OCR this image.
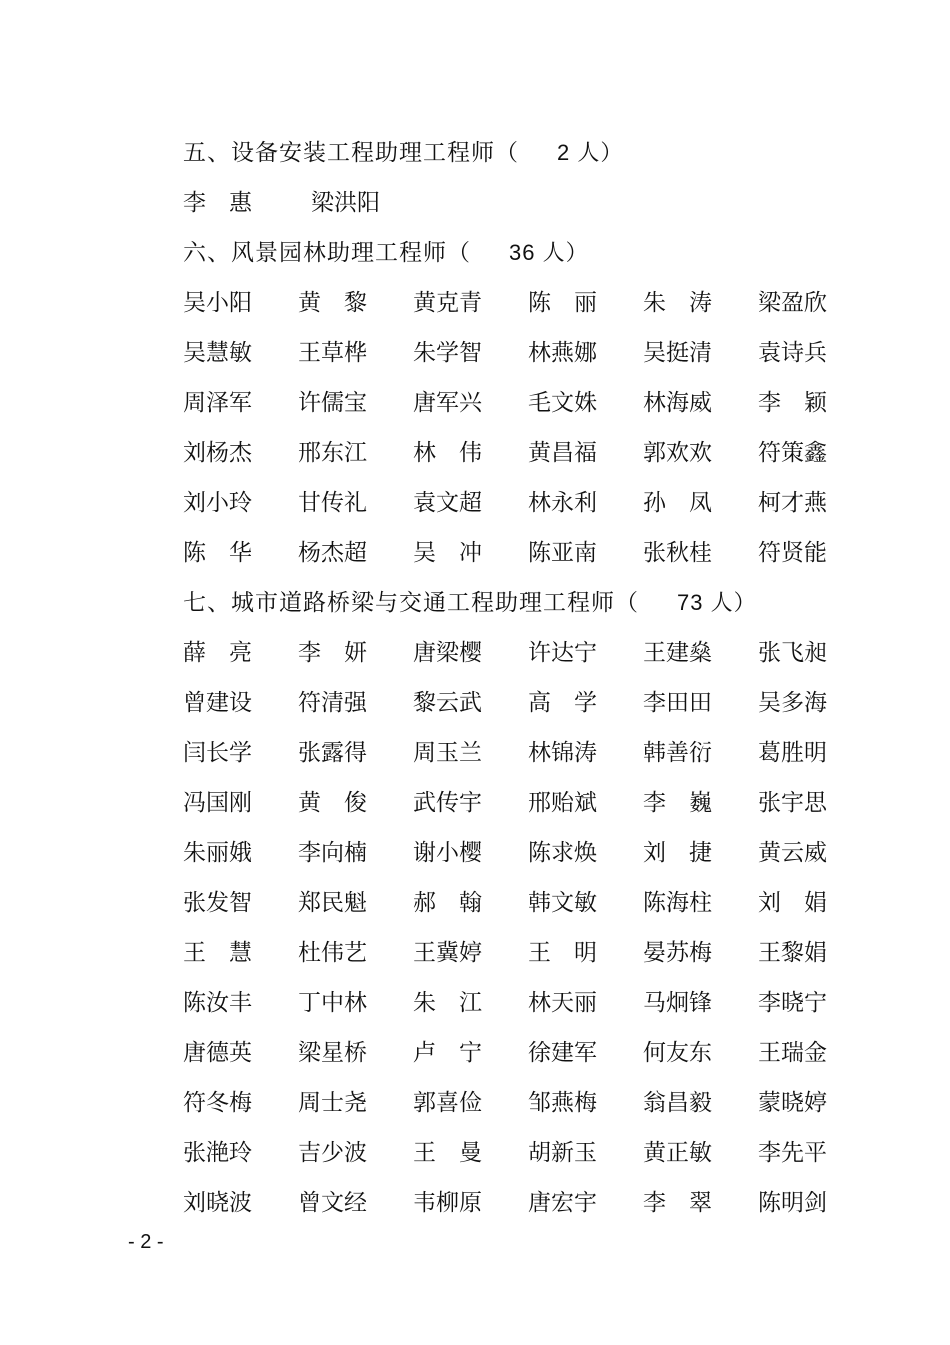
五、设备安装工程助理工程师（ 2 人）
李　惠	梁洪阳
六、风景园林助理工程师（ 36 人）
吴小阳 黄　黎 黄克青 陈　丽 朱　涛 梁盈欣
吴慧敏 王草桦 朱学智 林燕娜 吴挺清 袁诗兵
周泽军 许儒宝 唐军兴 毛文姝 林海威 李　颖
刘杨杰 邢东江 林　伟 黄昌福 郭欢欢 符策鑫
刘小玲 甘传礼 袁文超 林永利 孙　凤 柯才燕
陈　华 杨杰超 吴　冲 陈亚南 张秋桂 符贤能
七、城市道路桥梁与交通工程助理工程师（ 73 人）
薛　亮 李　妍 唐梁樱 许达宁 王建燊 张飞昶
曾建设 符清强 黎云武 高　学 李田田 吴多海
闫长学 张露得 周玉兰 林锦涛 韩善衍 葛胜明
冯国刚 黄　俊 武传宇 邢贻斌 李　巍 张宇思
朱丽娥 李向楠 谢小樱 陈求焕 刘　捷 黄云威
张发智 郑民魁 郝　翰 韩文敏 陈海柱 刘　娟
王　慧 杜伟艺 王冀婷 王　明 晏苏梅 王黎娟
陈汝丰 丁中林 朱　江 林天丽 马炯锋 李晓宁
唐德英 梁星桥 卢　宁 徐建军 何友东 王瑞金
符冬梅 周士尧 郭喜俭 邹燕梅 翁昌毅 蒙晓婷
张滟玲 吉少波 王　曼 胡新玉 黄正敏 李先平
刘晓波 曾文经 韦柳原 唐宏宇 李　翠 陈明剑
- 2 -
